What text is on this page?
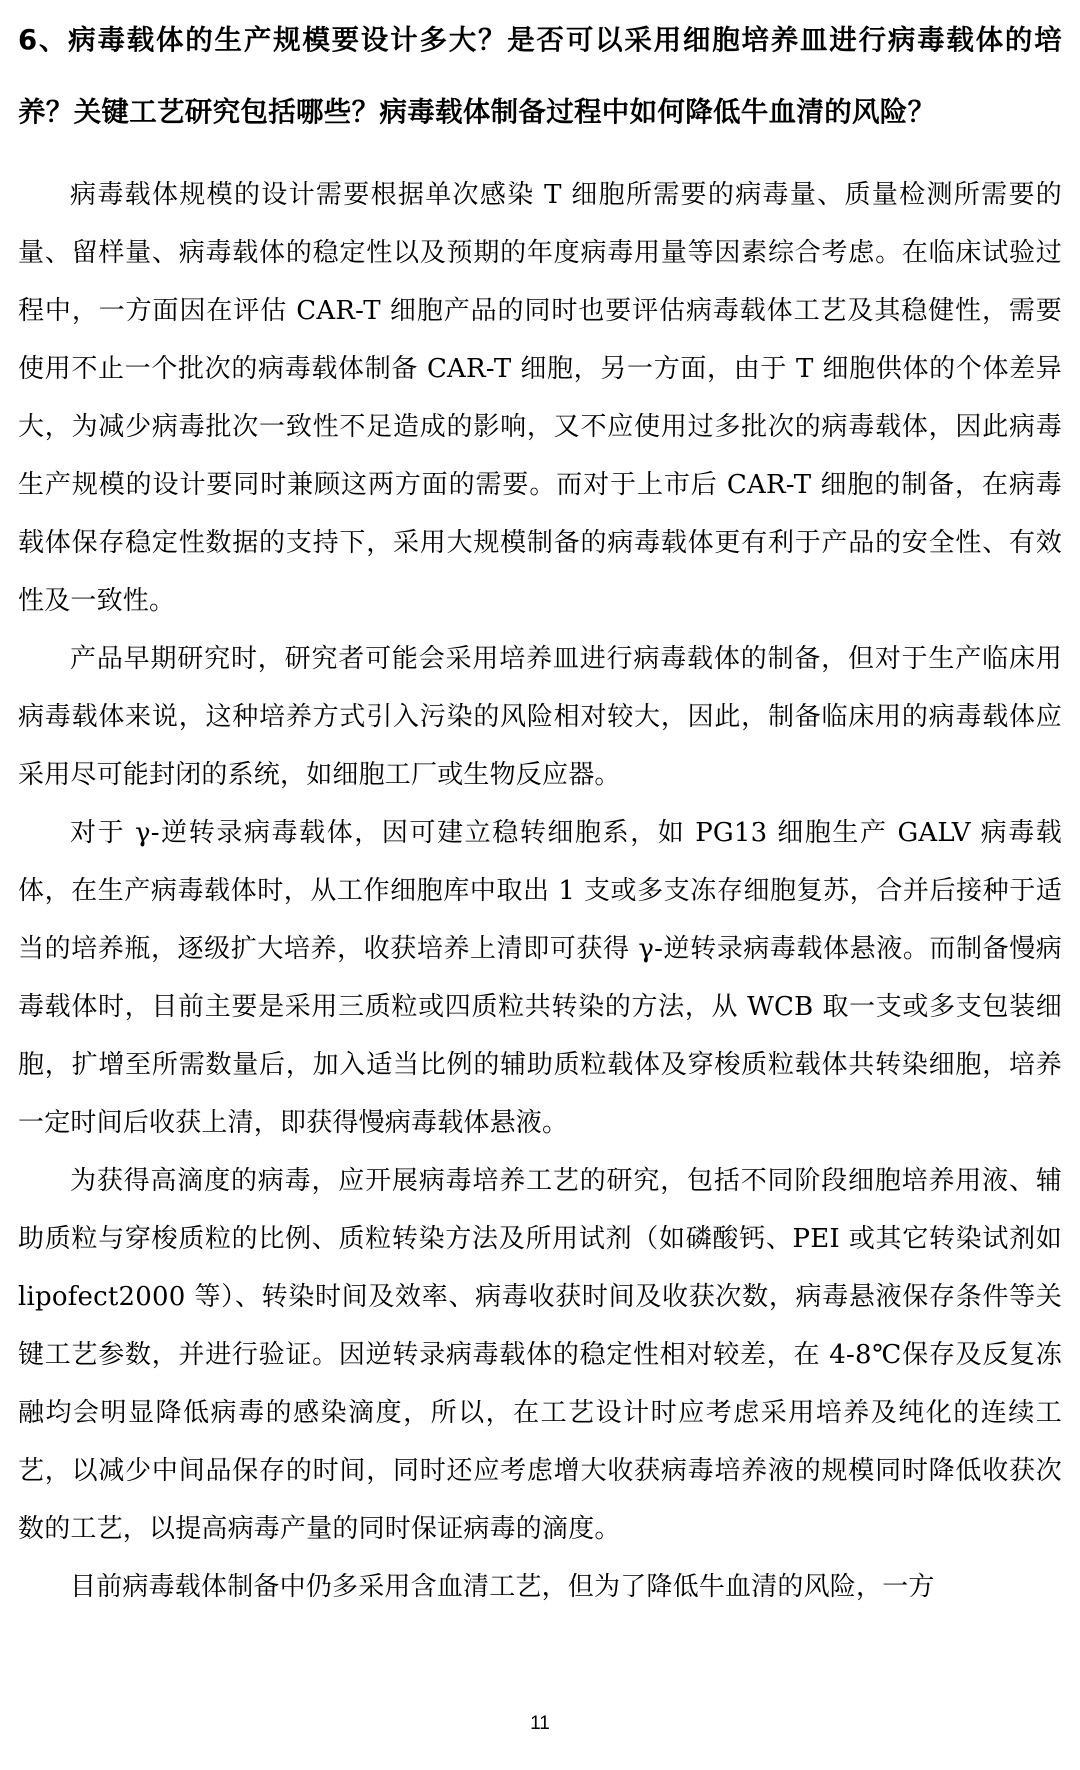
6、病毒载体的生产规模要设计多大？是否可以采用细胞培养皿进行病毒载体的培养？关键工艺研究包括哪些？病毒载体制备过程中如何降低牛血清的风险？

病毒载体规模的设计需要根据单次感染 T 细胞所需要的病毒量、质量检测所需要的量、留样量、病毒载体的稳定性以及预期的年度病毒用量等因素综合考虑。在临床试验过程中，一方面因在评估 CAR-T 细胞产品的同时也要评估病毒载体工艺及其稳健性，需要使用不止一个批次的病毒载体制备 CAR-T 细胞，另一方面，由于 T 细胞供体的个体差异大，为减少病毒批次一致性不足造成的影响，又不应使用过多批次的病毒载体，因此病毒生产规模的设计要同时兼顾这两方面的需要。而对于上市后 CAR-T 细胞的制备，在病毒载体保存稳定性数据的支持下，采用大规模制备的病毒载体更有利于产品的安全性、有效性及一致性。

产品早期研究时，研究者可能会采用培养皿进行病毒载体的制备，但对于生产临床用病毒载体来说，这种培养方式引入污染的风险相对较大，因此，制备临床用的病毒载体应采用尽可能封闭的系统，如细胞工厂或生物反应器。

对于 γ-逆转录病毒载体，因可建立稳转细胞系，如 PG13 细胞生产 GALV 病毒载体，在生产病毒载体时，从工作细胞库中取出 1 支或多支冻存细胞复苏，合并后接种于适当的培养瓶，逐级扩大培养，收获培养上清即可获得 γ-逆转录病毒载体悬液。而制备慢病毒载体时，目前主要是采用三质粒或四质粒共转染的方法，从 WCB 取一支或多支包装细胞，扩增至所需数量后，加入适当比例的辅助质粒载体及穿梭质粒载体共转染细胞，培养一定时间后收获上清，即获得慢病毒载体悬液。

为获得高滴度的病毒，应开展病毒培养工艺的研究，包括不同阶段细胞培养用液、辅助质粒与穿梭质粒的比例、质粒转染方法及所用试剂（如磷酸钙、PEI 或其它转染试剂如 lipofect2000 等）、转染时间及效率、病毒收获时间及收获次数，病毒悬液保存条件等关键工艺参数，并进行验证。因逆转录病毒载体的稳定性相对较差，在 4-8℃保存及反复冻融均会明显降低病毒的感染滴度，所以，在工艺设计时应考虑采用培养及纯化的连续工艺，以减少中间品保存的时间，同时还应考虑增大收获病毒培养液的规模同时降低收获次数的工艺，以提高病毒产量的同时保证病毒的滴度。

目前病毒载体制备中仍多采用含血清工艺，但为了降低牛血清的风险，一方

11
